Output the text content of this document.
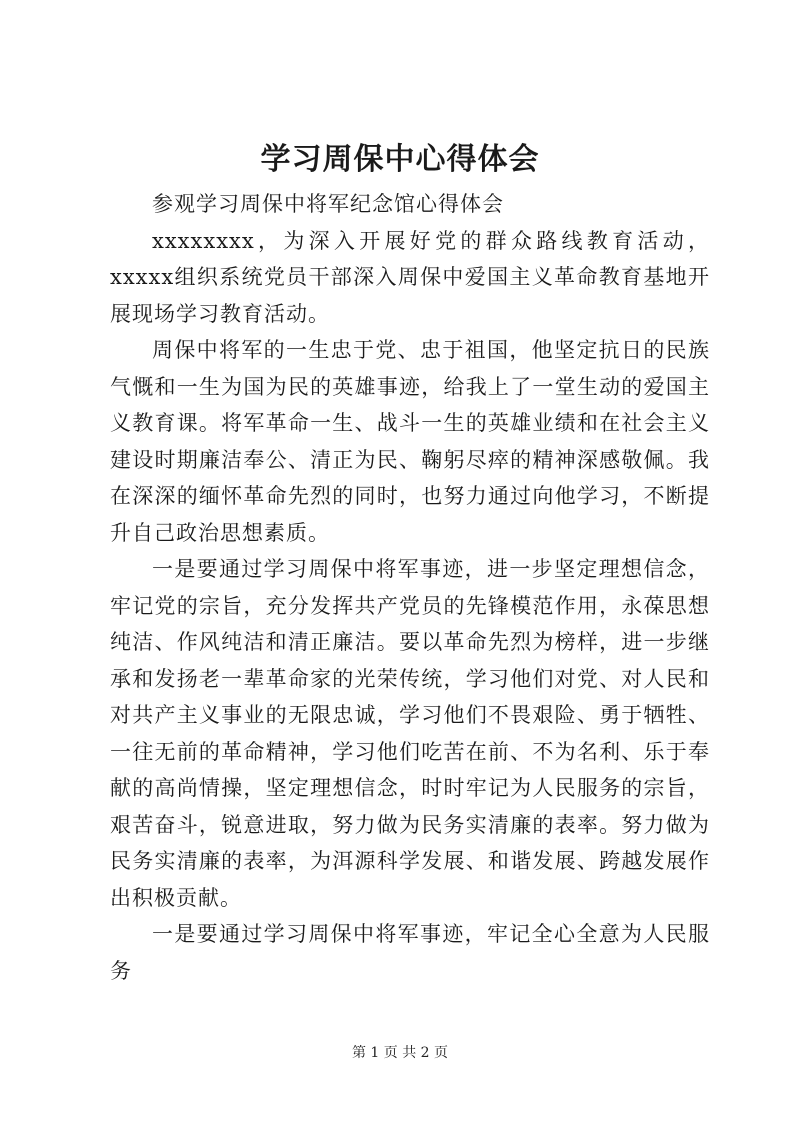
学习周保中心得体会

参观学习周保中将军纪念馆心得体会

xxxxxxxx，为深入开展好党的群众路线教育活动，xxxxx组织系统党员干部深入周保中爱国主义革命教育基地开展现场学习教育活动。

周保中将军的一生忠于党、忠于祖国，他坚定抗日的民族气慨和一生为国为民的英雄事迹，给我上了一堂生动的爱国主义教育课。将军革命一生、战斗一生的英雄业绩和在社会主义建设时期廉洁奉公、清正为民、鞠躬尽瘁的精神深感敬佩。我在深深的缅怀革命先烈的同时，也努力通过向他学习，不断提升自己政治思想素质。

一是要通过学习周保中将军事迹，进一步坚定理想信念，牢记党的宗旨，充分发挥共产党员的先锋模范作用，永葆思想纯洁、作风纯洁和清正廉洁。要以革命先烈为榜样，进一步继承和发扬老一辈革命家的光荣传统，学习他们对党、对人民和对共产主义事业的无限忠诚，学习他们不畏艰险、勇于牺牲、一往无前的革命精神，学习他们吃苦在前、不为名利、乐于奉献的高尚情操，坚定理想信念，时时牢记为人民服务的宗旨，艰苦奋斗，锐意进取，努力做为民务实清廉的表率。努力做为民务实清廉的表率，为洱源科学发展、和谐发展、跨越发展作出积极贡献。

一是要通过学习周保中将军事迹，牢记全心全意为人民服务

第 1 页 共 2 页
